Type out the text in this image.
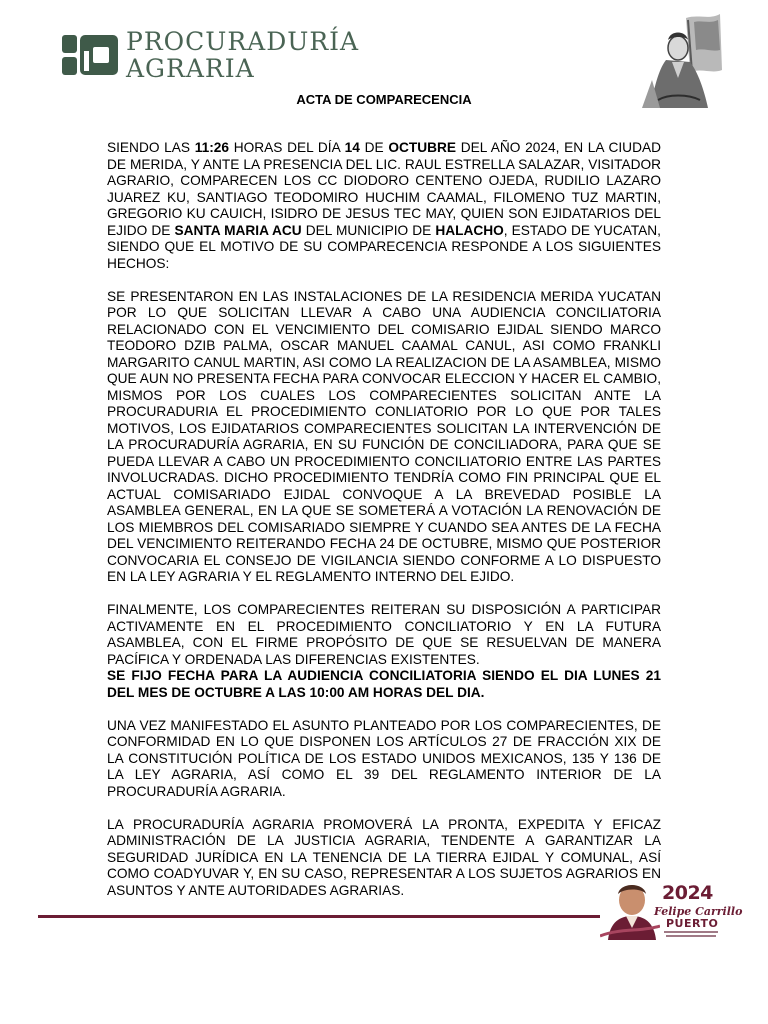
PROCURADURÍA
AGRARIA
ACTA DE COMPARECENCIA

SIENDO LAS 11:26 HORAS DEL DÍA 14 DE OCTUBRE DEL AÑO 2024, EN LA CIUDAD DE MERIDA, Y ANTE LA PRESENCIA DEL LIC. RAUL ESTRELLA SALAZAR, VISITADOR AGRARIO, COMPARECEN LOS CC DIODORO CENTENO OJEDA, RUDILIO LAZARO JUAREZ KU, SANTIAGO TEODOMIRO HUCHIM CAAMAL, FILOMENO TUZ MARTIN, GREGORIO KU CAUICH, ISIDRO DE JESUS TEC MAY, QUIEN SON EJIDATARIOS DEL EJIDO DE SANTA MARIA ACU DEL MUNICIPIO DE HALACHO, ESTADO DE YUCATAN, SIENDO QUE EL MOTIVO DE SU COMPARECENCIA RESPONDE A LOS SIGUIENTES HECHOS:

SE PRESENTARON EN LAS INSTALACIONES DE LA RESIDENCIA MERIDA YUCATAN POR LO QUE SOLICITAN LLEVAR A CABO UNA AUDIENCIA CONCILIATORIA RELACIONADO CON EL VENCIMIENTO DEL COMISARIO EJIDAL SIENDO MARCO TEODORO DZIB PALMA, OSCAR MANUEL CAAMAL CANUL, ASI COMO FRANKLI MARGARITO CANUL MARTIN, ASI COMO LA REALIZACION DE LA ASAMBLEA, MISMO QUE AUN NO PRESENTA FECHA PARA CONVOCAR ELECCION Y HACER EL CAMBIO, MISMOS POR LOS CUALES LOS COMPARECIENTES SOLICITAN ANTE LA PROCURADURIA EL PROCEDIMIENTO CONLIATORIO POR LO QUE POR TALES MOTIVOS, LOS EJIDATARIOS COMPARECIENTES SOLICITAN LA INTERVENCIÓN DE LA PROCURADURÍA AGRARIA, EN SU FUNCIÓN DE CONCILIADORA, PARA QUE SE PUEDA LLEVAR A CABO UN PROCEDIMIENTO CONCILIATORIO ENTRE LAS PARTES INVOLUCRADAS. DICHO PROCEDIMIENTO TENDRÍA COMO FIN PRINCIPAL QUE EL ACTUAL COMISARIADO EJIDAL CONVOQUE A LA BREVEDAD POSIBLE LA ASAMBLEA GENERAL, EN LA QUE SE SOMETERÁ A VOTACIÓN LA RENOVACIÓN DE LOS MIEMBROS DEL COMISARIADO SIEMPRE Y CUANDO SEA ANTES DE LA FECHA DEL VENCIMIENTO REITERANDO FECHA 24 DE OCTUBRE, MISMO QUE POSTERIOR CONVOCARIA EL CONSEJO DE VIGILANCIA SIENDO CONFORME A LO DISPUESTO EN LA LEY AGRARIA Y EL REGLAMENTO INTERNO DEL EJIDO.

FINALMENTE, LOS COMPARECIENTES REITERAN SU DISPOSICIÓN A PARTICIPAR ACTIVAMENTE EN EL PROCEDIMIENTO CONCILIATORIO Y EN LA FUTURA ASAMBLEA, CON EL FIRME PROPÓSITO DE QUE SE RESUELVAN DE MANERA PACÍFICA Y ORDENADA LAS DIFERENCIAS EXISTENTES.

SE FIJO FECHA PARA LA AUDIENCIA CONCILIATORIA SIENDO EL DIA LUNES 21 DEL MES DE OCTUBRE A LAS 10:00 AM HORAS DEL DIA.

UNA VEZ MANIFESTADO EL ASUNTO PLANTEADO POR LOS COMPARECIENTES, DE CONFORMIDAD EN LO QUE DISPONEN LOS ARTÍCULOS 27 DE FRACCIÓN XIX DE LA CONSTITUCIÓN POLÍTICA DE LOS ESTADO UNIDOS MEXICANOS, 135 Y 136 DE LA LEY AGRARIA, ASÍ COMO EL 39 DEL REGLAMENTO INTERIOR DE LA PROCURADURÍA AGRARIA.

LA PROCURADURÍA AGRARIA PROMOVERÁ LA PRONTA, EXPEDITA Y EFICAZ ADMINISTRACIÓN DE LA JUSTICIA AGRARIA, TENDENTE A GARANTIZAR LA SEGURIDAD JURÍDICA EN LA TENENCIA DE LA TIERRA EJIDAL Y COMUNAL, ASÍ COMO COADYUVAR Y, EN SU CASO, REPRESENTAR A LOS SUJETOS AGRARIOS EN ASUNTOS Y ANTE AUTORIDADES AGRARIAS.	2024
Felipe Carrillo
PUERTO
